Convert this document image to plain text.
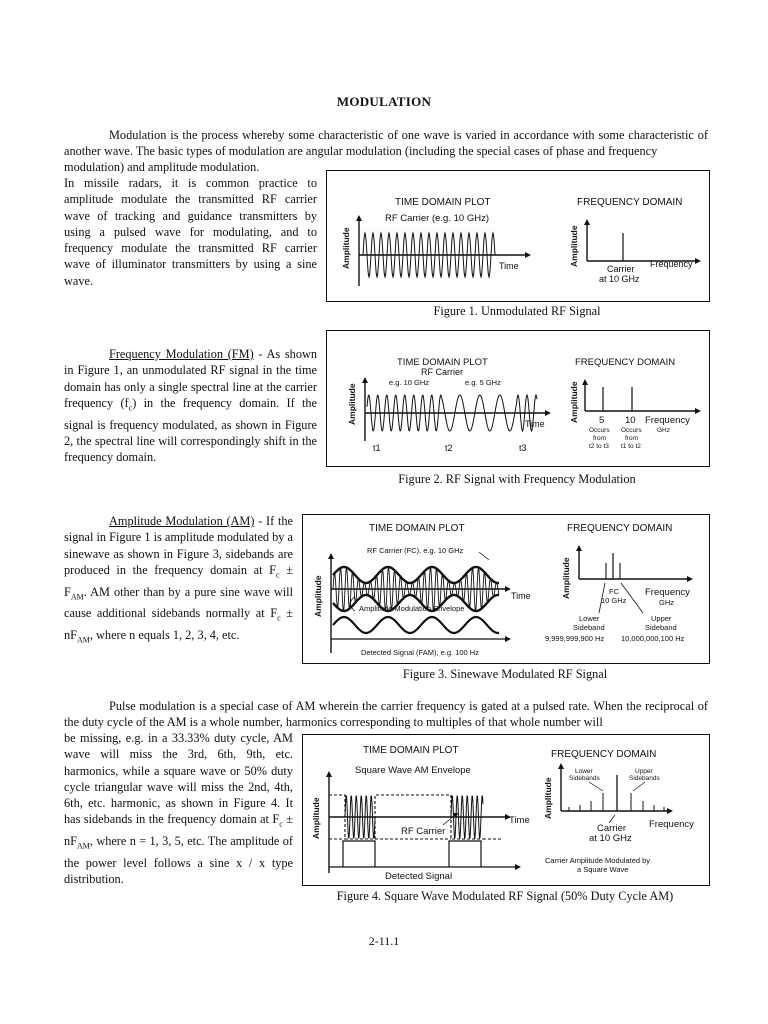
MODULATION
Modulation is the process whereby some characteristic of one wave is varied in accordance with some characteristic of another wave. The basic types of modulation are angular modulation (including the special cases of phase and frequency
modulation) and amplitude modulation.
In missile radars, it is common practice to amplitude modulate the transmitted RF carrier wave of tracking and guidance transmitters by using a pulsed wave for modulating, and to frequency modulate the transmitted RF carrier wave of illuminator transmitters by using a sine wave.
TIME DOMAIN PLOT	FREQUENCY DOMAIN
RF Carrier (e.g. 10 GHz)
Amplitude	Time	Amplitude
Carrier
at 10 GHz
Frequency
Figure 1. Unmodulated RF Signal
Frequency Modulation (FM) - As shown in Figure 1, an unmodulated RF signal in the time domain has only a single spectral line at the carrier frequency $(f_c)$ in the frequency domain. If the signal is frequency modulated, as shown in Figure 2, the spectral line will correspondingly shift in the frequency domain.
TIME DOMAIN PLOT
RF Carrier
FREQUENCY DOMAIN
e.g. 10 GHz	e.g. 5 GHz
Amplitude	Time
t1	t2	t3
Amplitude 5 10 Frequency
Occurs
from
t2 to t3
Occurs
from
t1 to t2
GHz
Figure 2. RF Signal with Frequency Modulation
Amplitude Modulation (AM) - If the signal in Figure 1 is amplitude modulated by a sinewave as shown in Figure 3, sidebands are produced in the frequency domain at $F_c \pm F_{AM}$. AM other than by a pure sine wave will cause additional sidebands normally at $F_c \pm nF_{AM}$, where n equals 1, 2, 3, 4, etc.
TIME DOMAIN PLOT	FREQUENCY DOMAIN
RF Carrier (FC), e.g. 10 GHz
Amplitude	Time
Amplitude Modulation Envelope
Detected Signal (FAM), e.g. 100 Hz
Amplitude	FC
10 GHz
Frequency
GHz
Lower
Sideband
Upper
Sideband
9,999,999,900 Hz 10,000,000,100 Hz
Figure 3. Sinewave Modulated RF Signal
Pulse modulation is a special case of AM wherein the carrier frequency is gated at a pulsed rate. When the reciprocal of the duty cycle of the AM is a whole number, harmonics corresponding to multiples of that whole number will
be missing, e.g. in a 33.33% duty cycle, AM wave will miss the 3rd, 6th, 9th, etc. harmonics, while a square wave or 50% duty cycle triangular wave will miss the 2nd, 4th, 6th, etc. harmonic, as shown in Figure 4. It has sidebands in the frequency domain at $F_c \pm nF_{AM}$, where n = 1, 3, 5, etc. The amplitude of the power level follows a sine x / x type distribution.
TIME DOMAIN PLOT	FREQUENCY DOMAIN
Square Wave AM Envelope
Amplitude	Time
RF Carrier
Detected Signal
Amplitude
Lower
Sidebands
Upper
Sidebands
Carrier
at 10 GHz
Frequency
Carrier Amplitude Modulated by
a Square Wave
Figure 4. Square Wave Modulated RF Signal (50% Duty Cycle AM)
2-11.1
